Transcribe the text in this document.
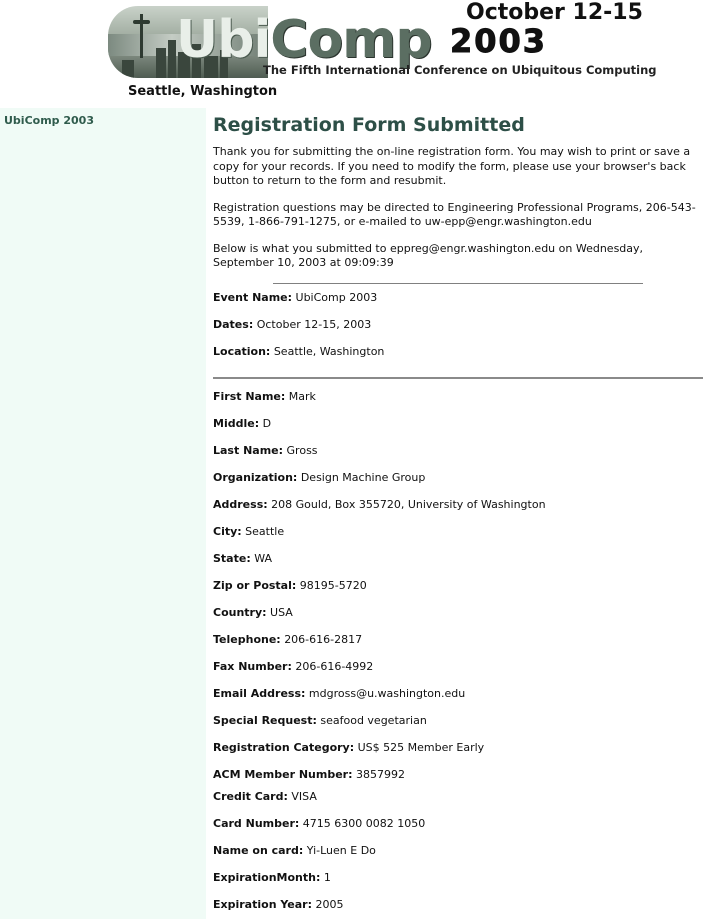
UbiComp October 12-15
2003
The Fifth International Conference on Ubiquitous Computing
Seattle, Washington
UbiComp 2003	Registration Form Submitted

Thank you for submitting the on-line registration form. You may wish to print or save a copy for your records. If you need to modify the form, please use your browser's back button to return to the form and resubmit.

Registration questions may be directed to Engineering Professional Programs, 206-543-5539, 1-866-791-1275, or e-mailed to uw-epp@engr.washington.edu

Below is what you submitted to eppreg@engr.washington.edu on Wednesday, September 10, 2003 at 09:09:39

Event Name: UbiComp 2003
Dates: October 12-15, 2003
Location: Seattle, Washington
First Name: Mark
Middle: D
Last Name: Gross
Organization: Design Machine Group
Address: 208 Gould, Box 355720, University of Washington
City: Seattle
State: WA
Zip or Postal: 98195-5720
Country: USA
Telephone: 206-616-2817
Fax Number: 206-616-4992
Email Address: mdgross@u.washington.edu
Special Request: seafood vegetarian
Registration Category: US$ 525 Member Early
ACM Member Number: 3857992
Credit Card: VISA
Card Number: 4715 6300 0082 1050
Name on card: Yi-Luen E Do
ExpirationMonth: 1
Expiration Year: 2005
